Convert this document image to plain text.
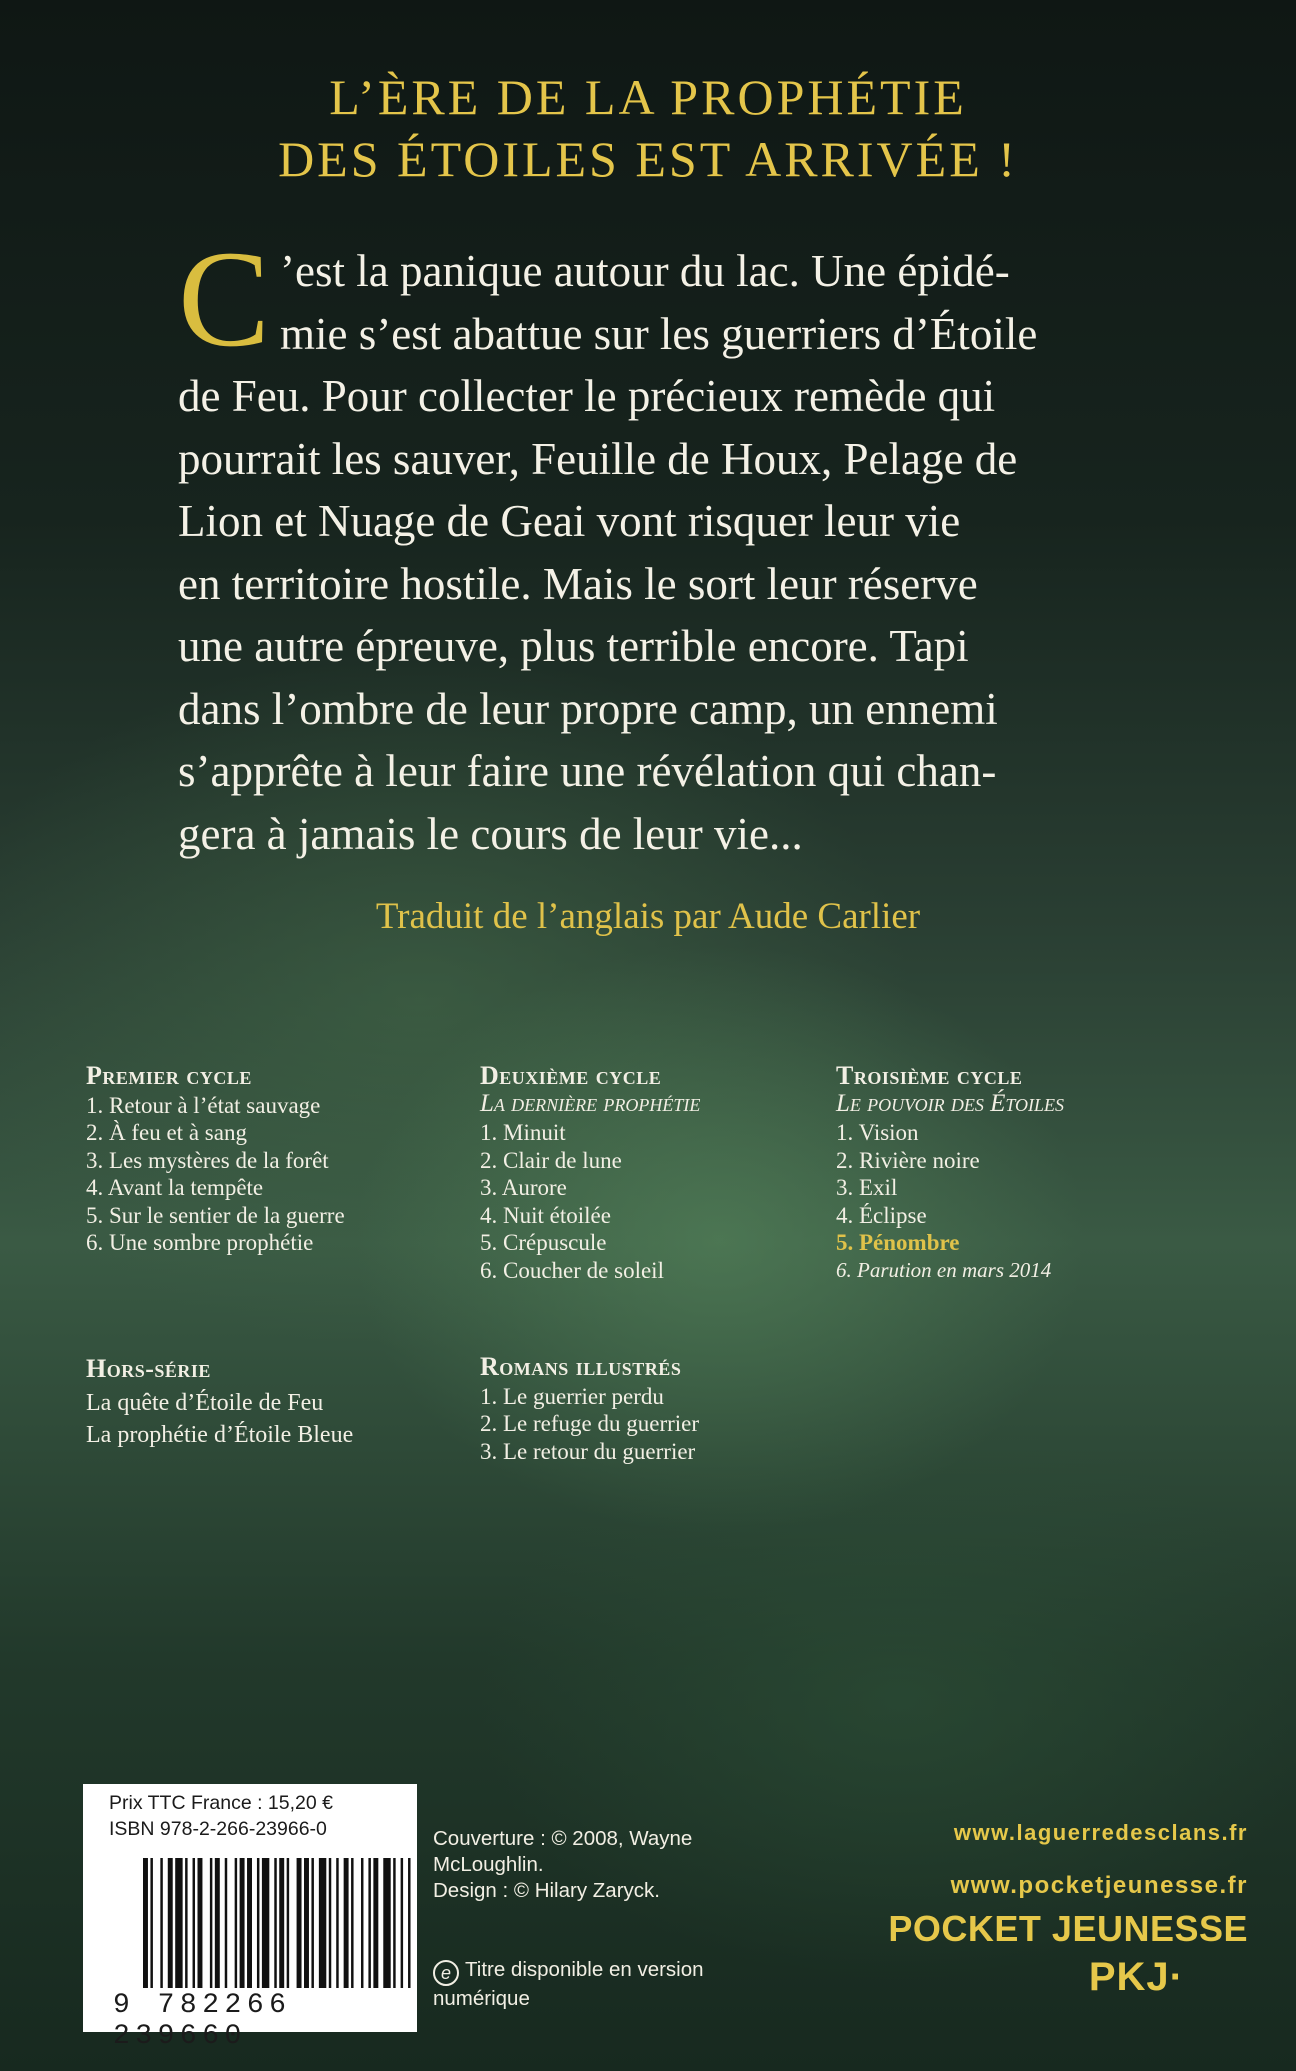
L’ÈRE DE LA PROPHÉTIE
DES ÉTOILES EST ARRIVÉE !
C ’est la panique autour du lac. Une épidé-
mie s’est abattue sur les guerriers d’Étoile
de Feu. Pour collecter le précieux remède qui
pourrait les sauver, Feuille de Houx, Pelage de
Lion et Nuage de Geai vont risquer leur vie
en territoire hostile. Mais le sort leur réserve
une autre épreuve, plus terrible encore. Tapi
dans l’ombre de leur propre camp, un ennemi
s’apprête à leur faire une révélation qui chan-
gera à jamais le cours de leur vie...
Traduit de l’anglais par Aude Carlier
Premier cycle
1. Retour à l’état sauvage
2. À feu et à sang
3. Les mystères de la forêt
4. Avant la tempête
5. Sur le sentier de la guerre
6. Une sombre prophétie
Deuxième cycle
La dernière prophétie
1. Minuit
2. Clair de lune
3. Aurore
4. Nuit étoilée
5. Crépuscule
6. Coucher de soleil
Troisième cycle
Le pouvoir des Étoiles
1. Vision
2. Rivière noire
3. Exil
4. Éclipse
5. Pénombre
6. Parution en mars 2014
Hors-série
La quête d’Étoile de Feu
La prophétie d’Étoile Bleue
Romans illustrés
1. Le guerrier perdu
2. Le refuge du guerrier
3. Le retour du guerrier
Prix TTC France : 15,20 €
ISBN 978-2-266-23966-0
9 782266 239660
Couverture : © 2008, Wayne McLoughlin.
Design : © Hilary Zaryck.
e Titre disponible en version numérique
www.laguerredesclans.fr
www.pocketjeunesse.fr
POCKET JEUNESSE
PKJ·
